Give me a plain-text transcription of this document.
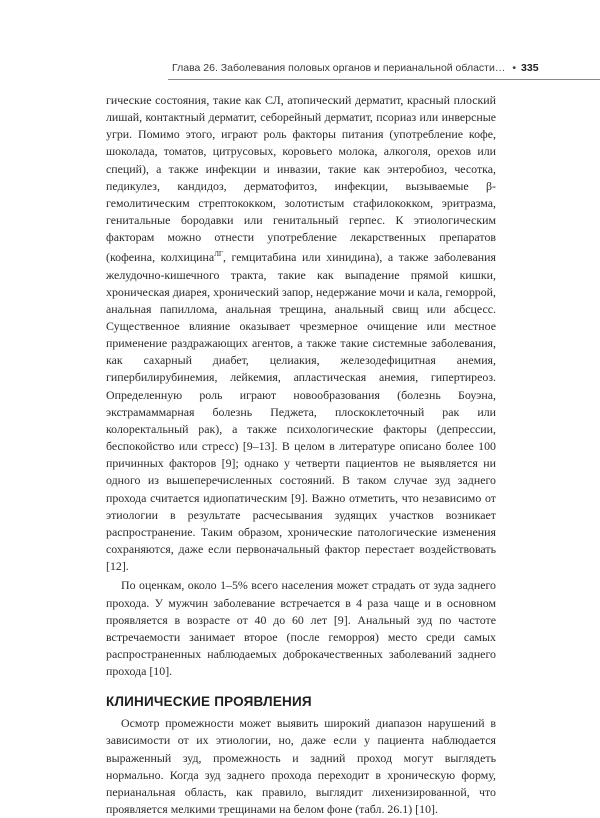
Глава 26. Заболевания половых органов и перианальной области… • 335

гические состояния, такие как СЛ, атопический дерматит, красный плоский лишай, контактный дерматит, себорейный дерматит, псориаз или инверсные угри. Помимо этого, играют роль факторы питания (употребление кофе, шоколада, томатов, цитрусовых, коровьего молока, алкоголя, орехов или специй), а также инфекции и инвазии, такие как энтеробиоз, чесотка, педикулез, кандидоз, дерматофитоз, инфекции, вызываемые β-гемолитическим стрептококком, золотистым стафилококком, эритразма, генитальные бородавки или генитальный герпес. К этиологическим факторам можно отнести употребление лекарственных препаратов (кофеина, колхицина$^{ЛГ}$, гемцитабина или хинидина), а также заболевания желудочно-кишечного тракта, такие как выпадение прямой кишки, хроническая диарея, хронический запор, недержание мочи и кала, геморрой, анальная папиллома, анальная трещина, анальный свищ или абсцесс. Существенное влияние оказывает чрезмерное очищение или местное применение раздражающих агентов, а также такие системные заболевания, как сахарный диабет, целиакия, железодефицитная анемия, гипербилирубинемия, лейкемия, апластическая анемия, гипертиреоз. Определенную роль играют новообразования (болезнь Боуэна, экстрамаммарная болезнь Педжета, плоскоклеточный рак или колоректальный рак), а также психологические факторы (депрессии, беспокойство или стресс) [9–13]. В целом в литературе описано более 100 причинных факторов [9]; однако у четверти пациентов не выявляется ни одного из вышеперечисленных состояний. В таком случае зуд заднего прохода считается идиопатическим [9]. Важно отметить, что независимо от этиологии в результате расчесывания зудящих участков возникает распространение. Таким образом, хронические патологические изменения сохраняются, даже если первоначальный фактор перестает воздействовать [12].

По оценкам, около 1–5% всего населения может страдать от зуда заднего прохода. У мужчин заболевание встречается в 4 раза чаще и в основном проявляется в возрасте от 40 до 60 лет [9]. Анальный зуд по частоте встречаемости занимает второе (после геморроя) место среди самых распространенных наблюдаемых доброкачественных заболеваний заднего прохода [10].

КЛИНИЧЕСКИЕ ПРОЯВЛЕНИЯ

Осмотр промежности может выявить широкий диапазон нарушений в зависимости от их этиологии, но, даже если у пациента наблюдается выраженный зуд, промежность и задний проход могут выглядеть нормально. Когда зуд заднего прохода переходит в хроническую форму, перианальная область, как правило, выглядит лихенизированной, что проявляется мелкими трещинами на белом фоне (табл. 26.1) [10].
